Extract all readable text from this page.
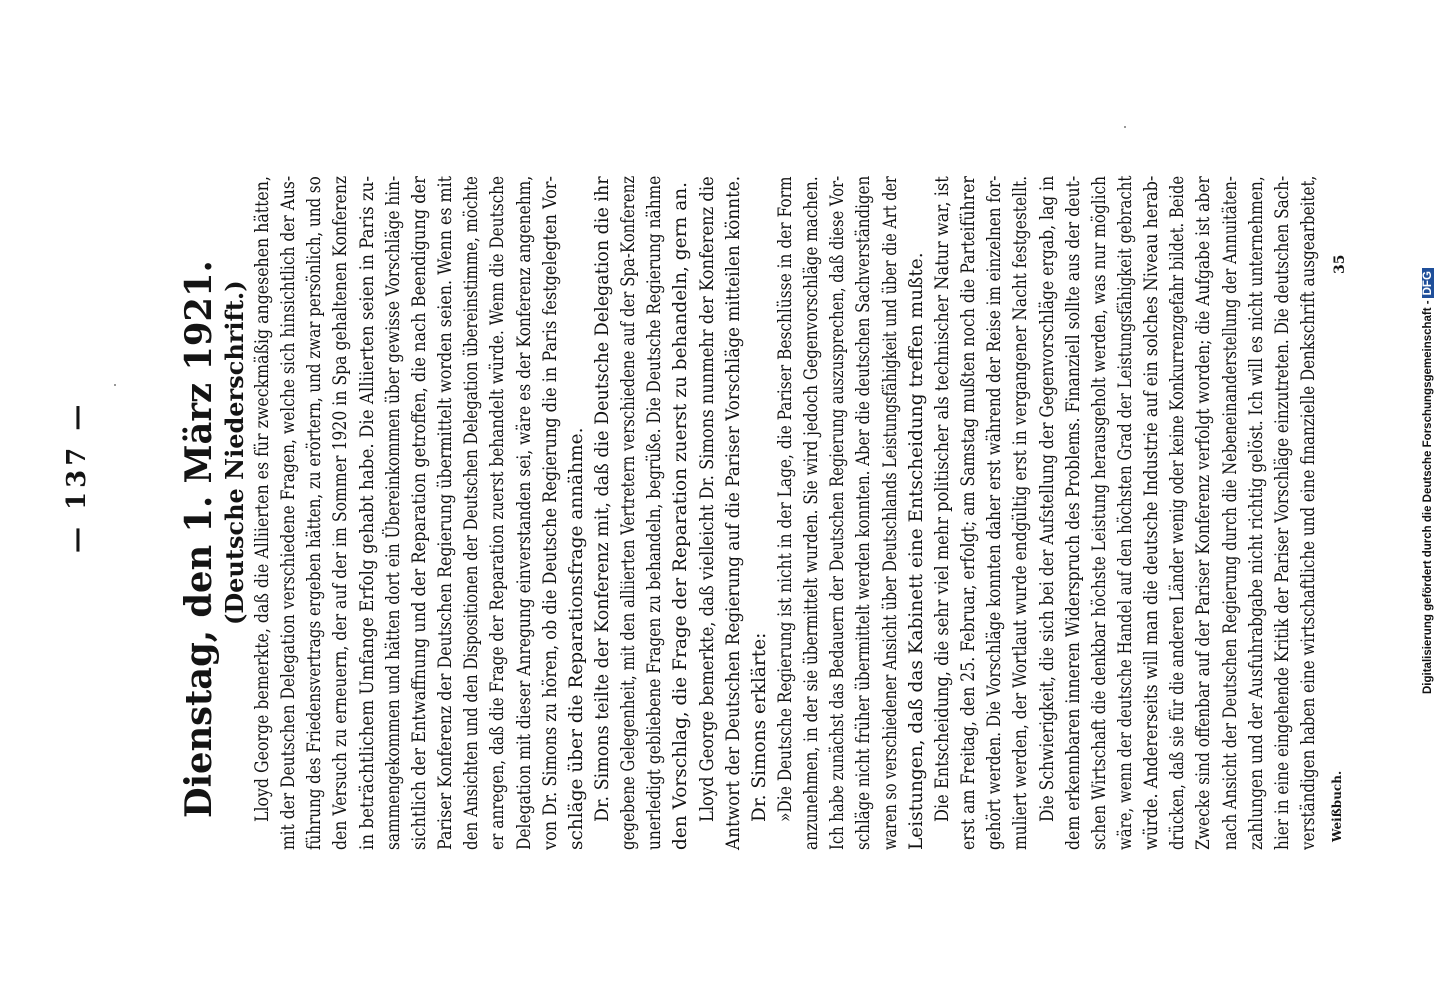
— 137 — Dienstag, den 1. März 1921. (Deutsche Niederschrift.) Lloyd George bemerkte, daß die Alliierten es für zweckmäßig angesehen hätten, mit der Deutschen Delegation verschiedene Fragen, welche sich hinsichtlich der Aus- führung des Friedensvertrags ergeben hätten, zu erörtern, und zwar persönlich, und so den Versuch zu erneuern, der auf der im Sommer 1920 in Spa gehaltenen Konferenz in beträchtlichem Umfange Erfolg gehabt habe. Die Alliierten seien in Paris zu- sammengekommen und hätten dort ein Übereinkommen über gewisse Vorschläge hin- sichtlich der Entwaffnung und der Reparation getroffen, die nach Beendigung der Pariser Konferenz der Deutschen Regierung übermittelt worden seien. Wenn es mit den Ansichten und den Dispositionen der Deutschen Delegation übereinstimme, möchte er anregen, daß die Frage der Reparation zuerst behandelt würde. Wenn die Deutsche Delegation mit dieser Anregung einverstanden sei, wäre es der Konferenz angenehm, von Dr. Simons zu hören, ob die Deutsche Regierung die in Paris festgelegten Vor- schläge über die Reparationsfrage annähme. Dr. Simons teilte der Konferenz mit, daß die Deutsche Delegation die ihr gegebene Gelegenheit, mit den alliierten Vertretern verschiedene auf der Spa-Konferenz unerledigt gebliebene Fragen zu behandeln, begrüße. Die Deutsche Regierung nähme den Vorschlag, die Frage der Reparation zuerst zu behandeln, gern an. Lloyd George bemerkte, daß vielleicht Dr. Simons nunmehr der Konferenz die Antwort der Deutschen Regierung auf die Pariser Vorschläge mitteilen könnte. Dr. Simons erklärte: »Die Deutsche Regierung ist nicht in der Lage, die Pariser Beschlüsse in der Form anzunehmen, in der sie übermittelt wurden. Sie wird jedoch Gegenvorschläge machen. Ich habe zunächst das Bedauern der Deutschen Regierung auszusprechen, daß diese Vor- schläge nicht früher übermittelt werden konnten. Aber die deutschen Sachverständigen waren so verschiedener Ansicht über Deutschlands Leistungsfähigkeit und über die Art der Leistungen, daß das Kabinett eine Entscheidung treffen mußte. Die Entscheidung, die sehr viel mehr politischer als technischer Natur war, ist erst am Freitag, den 25. Februar, erfolgt; am Samstag mußten noch die Parteiführer gehört werden. Die Vorschläge konnten daher erst während der Reise im einzelnen for- muliert werden, der Wortlaut wurde endgültig erst in vergangener Nacht festgestellt. Die Schwierigkeit, die sich bei der Aufstellung der Gegenvorschläge ergab, lag in dem erkennbaren inneren Widerspruch des Problems. Finanziell sollte aus der deut- schen Wirtschaft die denkbar höchste Leistung herausgeholt werden, was nur möglich wäre, wenn der deutsche Handel auf den höchsten Grad der Leistungsfähigkeit gebracht würde. Andererseits will man die deutsche Industrie auf ein solches Niveau herab- drücken, daß sie für die anderen Länder wenig oder keine Konkurrenzgefahr bildet. Beide Zwecke sind offenbar auf der Pariser Konferenz verfolgt worden; die Aufgabe ist aber nach Ansicht der Deutschen Regierung durch die Nebeneinanderstellung der Annuitäten- zahlungen und der Ausfuhrabgabe nicht richtig gelöst. Ich will es nicht unternehmen, hier in eine eingehende Kritik der Pariser Vorschläge einzutreten. Die deutschen Sach- verständigen haben eine wirtschaftliche und eine finanzielle Denkschrift ausgearbeitet, Weißbuch.
35
Digitalisierung gefördert durch die Deutsche Forschungsgemeinschaft -DFG
